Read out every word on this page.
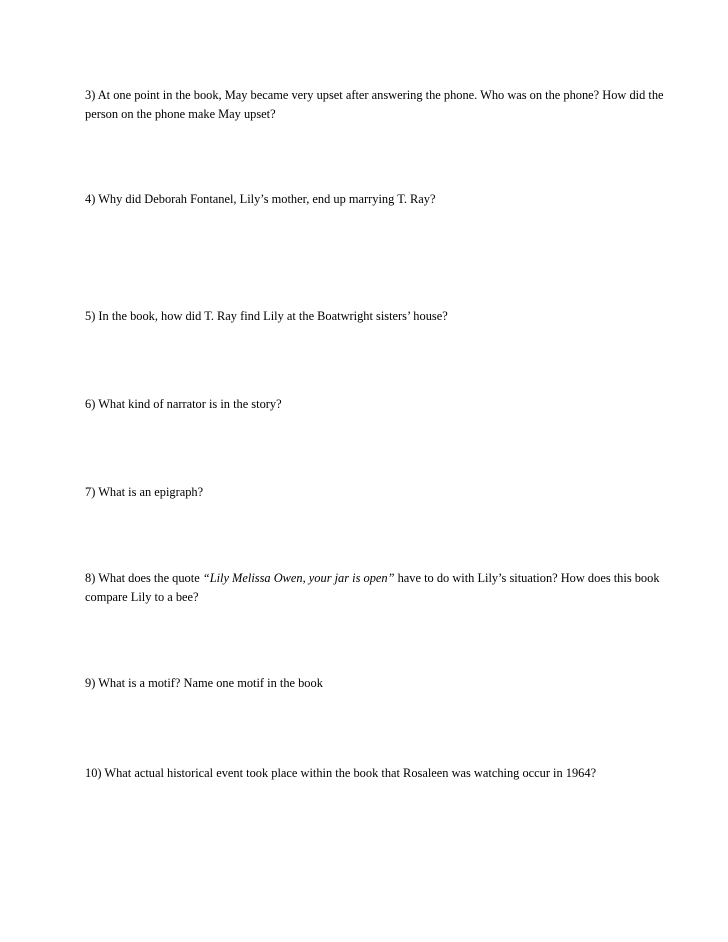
3) At one point in the book, May became very upset after answering the phone. Who was on the phone? How did the person on the phone make May upset?

4) Why did Deborah Fontanel, Lily’s mother, end up marrying T. Ray?

5) In the book, how did T. Ray find Lily at the Boatwright sisters’ house?

6) What kind of narrator is in the story?

7) What is an epigraph?

8) What does the quote “Lily Melissa Owen, your jar is open” have to do with Lily’s situation? How does this book compare Lily to a bee?

9) What is a motif? Name one motif in the book

10) What actual historical event took place within the book that Rosaleen was watching occur in 1964?
